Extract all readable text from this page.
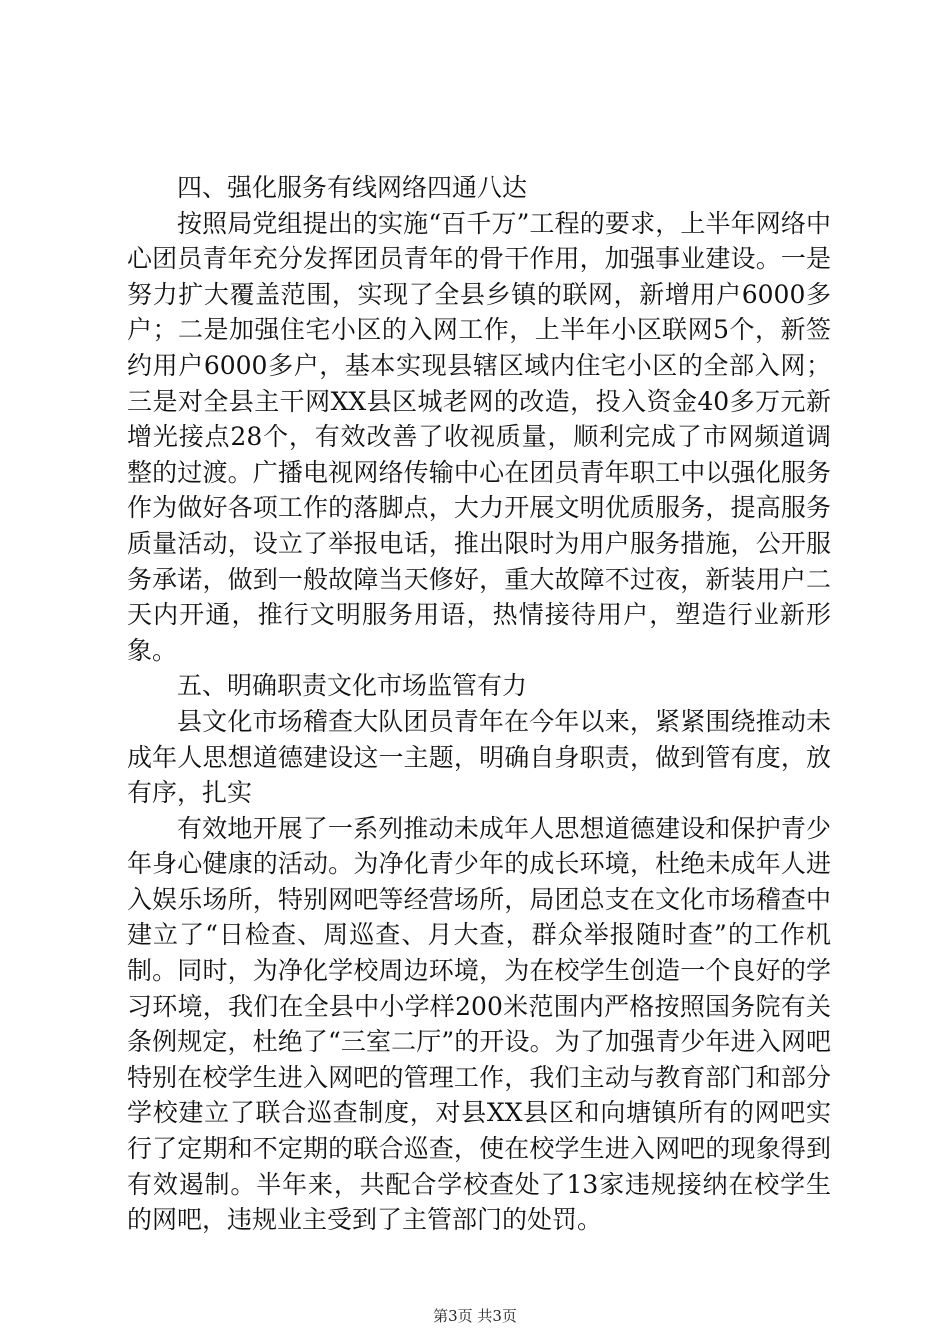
四、强化服务有线网络四通八达

按照局党组提出的实施“百千万”工程的要求，上半年网络中心团员青年充分发挥团员青年的骨干作用，加强事业建设。一是努力扩大覆盖范围，实现了全县乡镇的联网，新增用户6000多户；二是加强住宅小区的入网工作，上半年小区联网5个，新签约用户6000多户，基本实现县辖区域内住宅小区的全部入网；三是对全县主干网XX县区城老网的改造，投入资金40多万元新增光接点28个，有效改善了收视质量，顺利完成了市网频道调整的过渡。广播电视网络传输中心在团员青年职工中以强化服务作为做好各项工作的落脚点，大力开展文明优质服务，提高服务质量活动，设立了举报电话，推出限时为用户服务措施，公开服务承诺，做到一般故障当天修好，重大故障不过夜，新装用户二天内开通，推行文明服务用语，热情接待用户，塑造行业新形象。

五、明确职责文化市场监管有力

县文化市场稽查大队团员青年在今年以来，紧紧围绕推动未成年人思想道德建设这一主题，明确自身职责，做到管有度，放有序，扎实

有效地开展了一系列推动未成年人思想道德建设和保护青少年身心健康的活动。为净化青少年的成长环境，杜绝未成年人进入娱乐场所，特别网吧等经营场所，局团总支在文化市场稽查中建立了“日检查、周巡查、月大查，群众举报随时查”的工作机制。同时，为净化学校周边环境，为在校学生创造一个良好的学习环境，我们在全县中小学样200米范围内严格按照国务院有关条例规定，杜绝了“三室二厅”的开设。为了加强青少年进入网吧特别在校学生进入网吧的管理工作，我们主动与教育部门和部分学校建立了联合巡查制度，对县XX县区和向塘镇所有的网吧实行了定期和不定期的联合巡查，使在校学生进入网吧的现象得到有效遏制。半年来，共配合学校查处了13家违规接纳在校学生的网吧，违规业主受到了主管部门的处罚。

第3页 共3页
